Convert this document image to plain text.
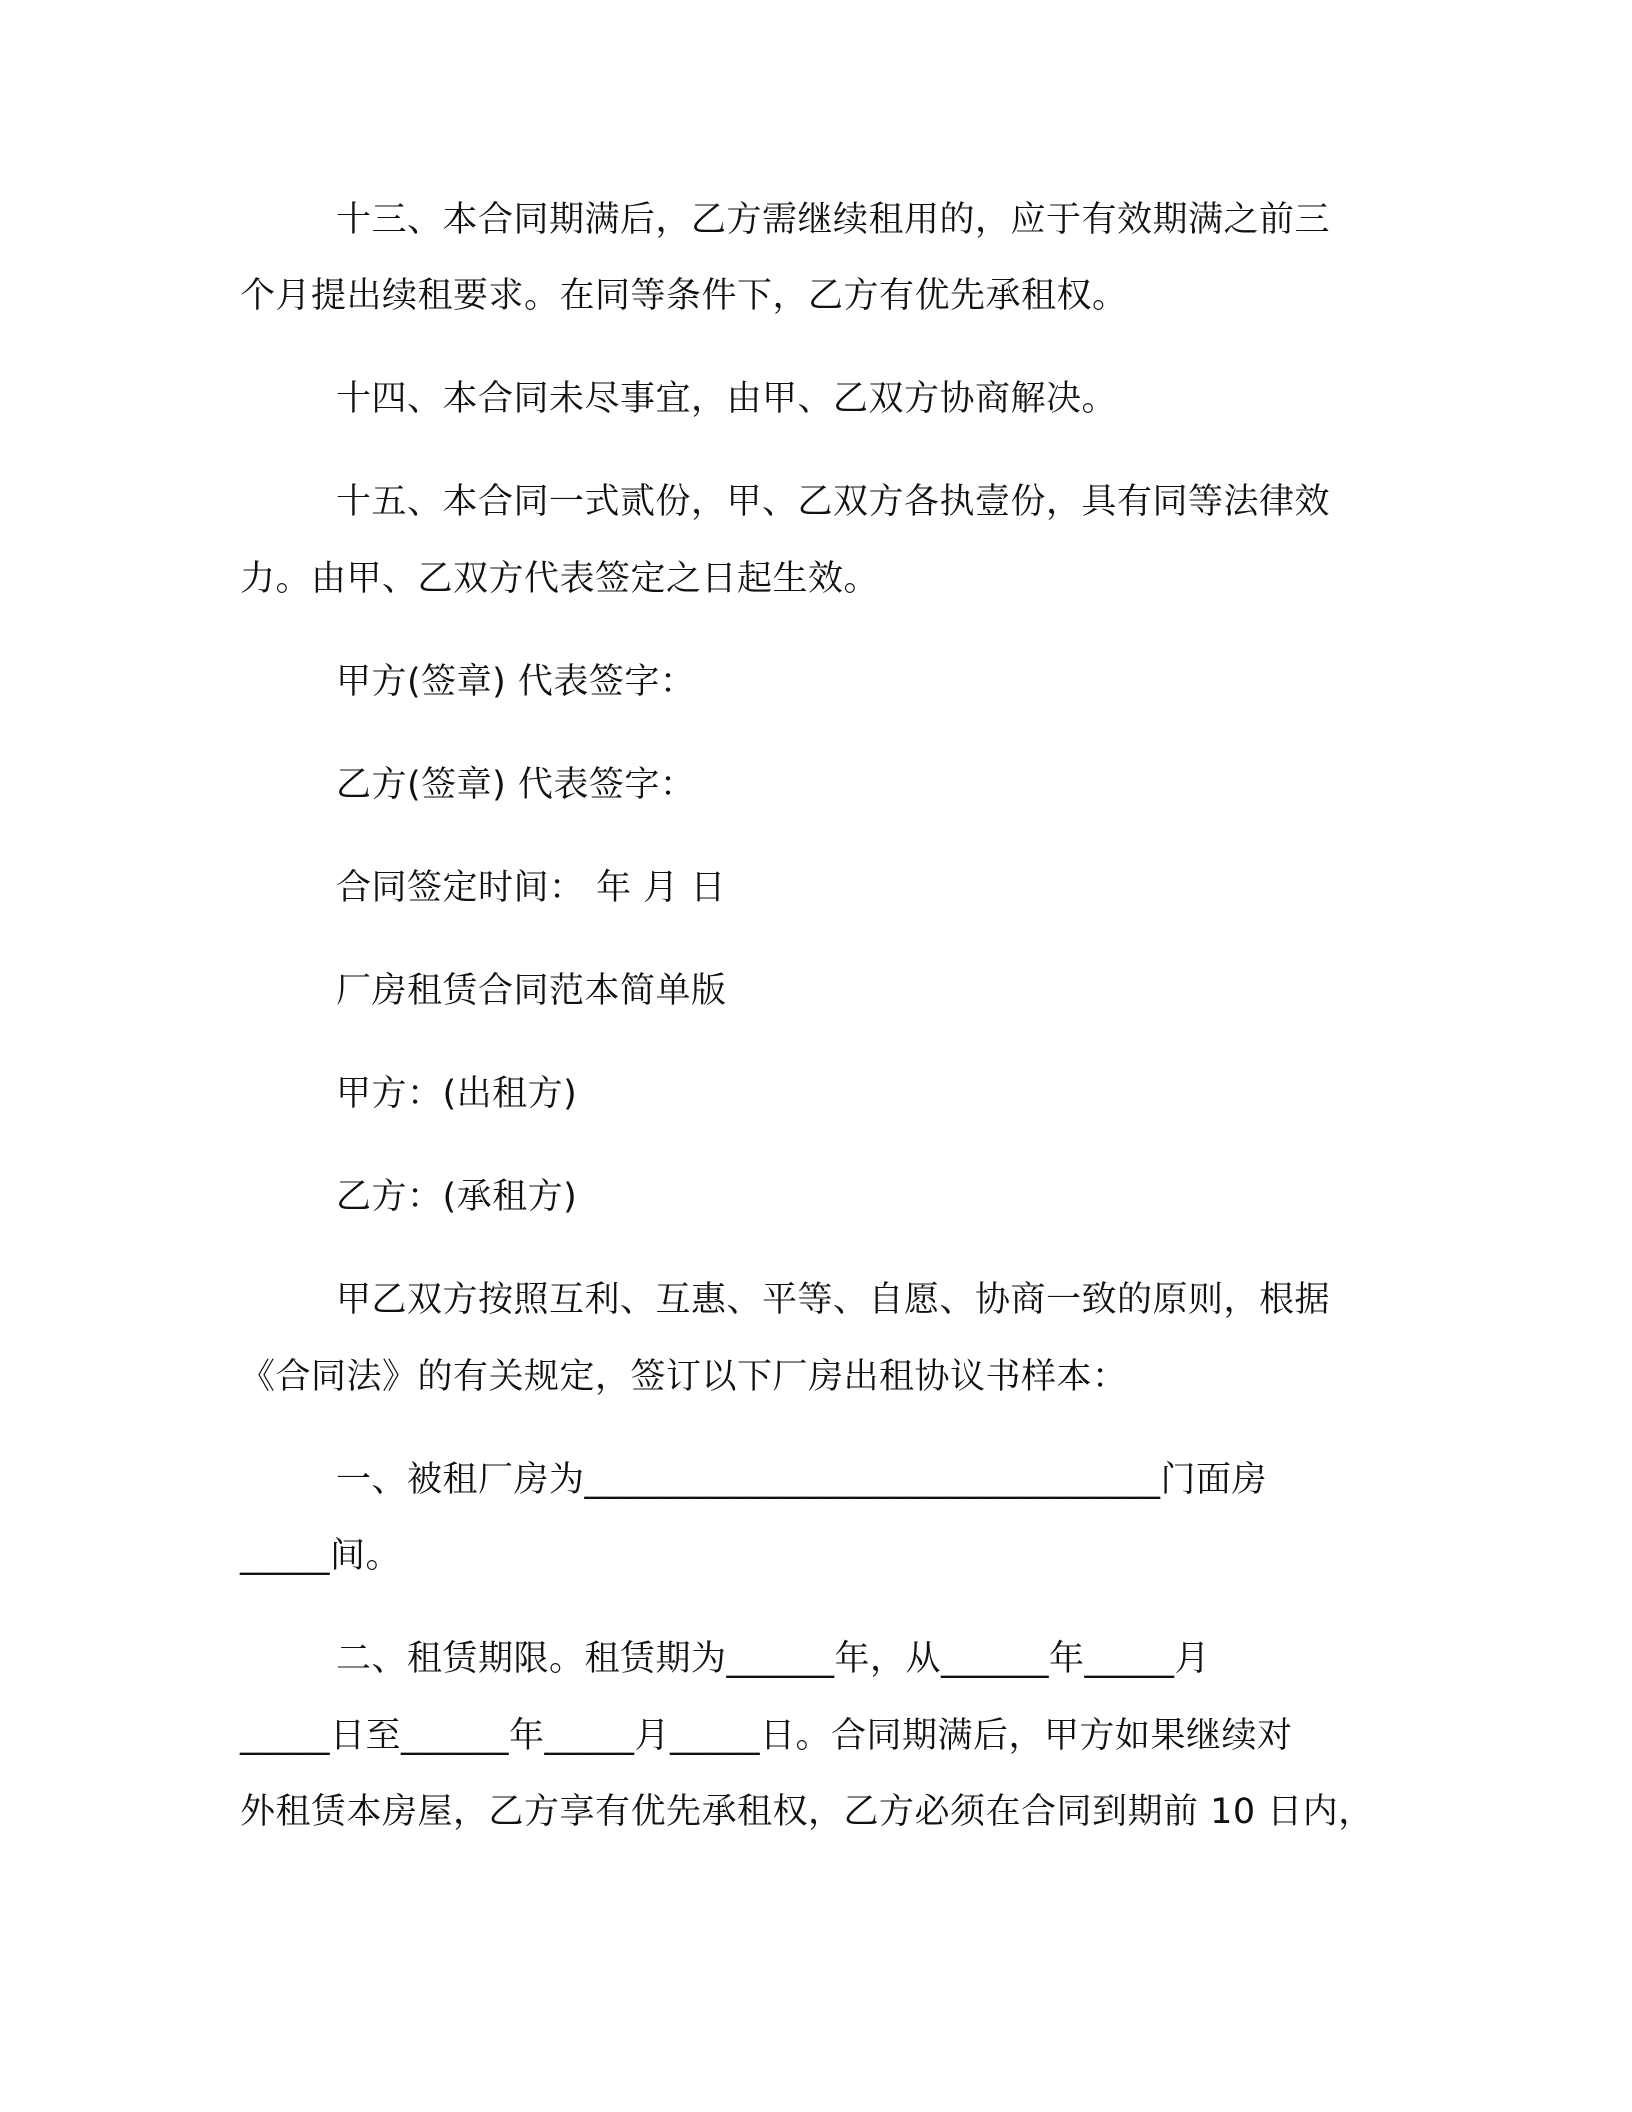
十三、本合同期满后，乙方需继续租用的，应于有效期满之前三
个月提出续租要求。在同等条件下，乙方有优先承租权。
十四、本合同未尽事宜，由甲、乙双方协商解决。
十五、本合同一式贰份，甲、乙双方各执壹份，具有同等法律效
力。由甲、乙双方代表签定之日起生效。
甲方(签章) 代表签字：
乙方(签章) 代表签字：
合同签定时间： 年 月 日
厂房租赁合同范本简单版
甲方：(出租方)
乙方：(承租方)
甲乙双方按照互利、互惠、平等、自愿、协商一致的原则，根据
《合同法》的有关规定，签订以下厂房出租协议书样本：
一、被租厂房为________________________________门面房
_____间。
二、租赁期限。租赁期为______年，从______年_____月
_____日至______年_____月_____日。合同期满后，甲方如果继续对
外租赁本房屋，乙方享有优先承租权，乙方必须在合同到期前 10 日内，
